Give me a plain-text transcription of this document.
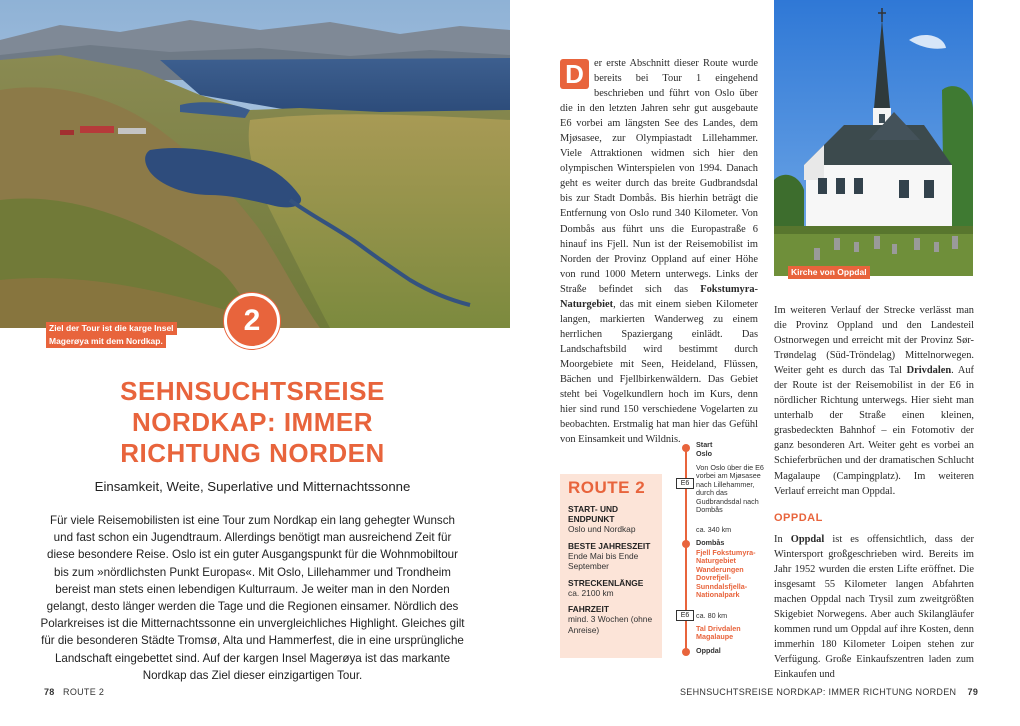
Ziel der Tour ist die karge Insel
Magerøya mit dem Nordkap.
2
SEHNSUCHTSREISE
NORDKAP: IMMER
RICHTUNG NORDEN
Einsamkeit, Weite, Superlative und Mitternachtssonne
Für viele Reisemobilisten ist eine Tour zum Nordkap ein lang gehegter Wunsch und fast schon ein Jugendtraum. Allerdings benötigt man ausreichend Zeit für diese besondere Reise. Oslo ist ein guter Ausgangspunkt für die Wohnmobiltour bis zum »nördlichsten Punkt Europas«. Mit Oslo, Lillehammer und Trondheim bereist man stets einen lebendigen Kulturraum. Je weiter man in den Norden gelangt, desto länger werden die Tage und die Regionen einsamer. Nördlich des Polarkreises ist die Mitternachtssonne ein unvergleichliches Highlight. Gleiches gilt für die besonderen Städte Tromsø, Alta und Hammerfest, die in eine ursprüngliche Landschaft eingebettet sind. Auf der kargen Insel Magerøya ist das markante Nordkap das Ziel dieser einzigartigen Tour.
78 ROUTE 2
D er erste Abschnitt dieser Route wurde bereits bei Tour 1 eingehend beschrieben und führt von Oslo über die in den letzten Jahren sehr gut ausgebaute E6 vorbei am längsten See des Landes, dem Mjøsasee, zur Olympiastadt Lillehammer. Viele Attraktionen widmen sich hier den olympischen Winterspielen von 1994. Danach geht es weiter durch das breite Gudbrandsdal bis zur Stadt Dombås. Bis hierhin beträgt die Entfernung von Oslo rund 340 Kilometer. Von Dombås aus führt uns die Europastraße 6 hinauf ins Fjell. Nun ist der Reisemobilist im Norden der Provinz Oppland auf einer Höhe von rund 1000 Metern unterwegs. Links der Straße befindet sich das Fokstumyra-Naturgebiet, das mit einem sieben Kilometer langen, markierten Wanderweg zu einem herrlichen Spaziergang einlädt. Das Landschaftsbild wird bestimmt durch Moorgebiete mit Seen, Heideland, Flüssen, Bächen und Fjellbirkenwäldern. Das Gebiet steht bei Vogelkundlern hoch im Kurs, denn hier sind rund 150 verschiedene Vogelarten zu beobachten. Erstmalig hat man hier das Gefühl von Einsamkeit und Wildnis.
ROUTE 2
START- UND ENDPUNKT
Oslo und Nordkap
BESTE JAHRESZEIT
Ende Mai bis Ende September
STRECKENLÄNGE
ca. 2100 km
FAHRZEIT
mind. 3 Wochen (ohne Anreise)
Start
Oslo
Von Oslo über die E6 vorbei am Mjøsasee nach Lillehammer, durch das Gudbrandsdal nach Dombås
E6
ca. 340 km
Dombås
Fjell Fokstumyra-Naturgebiet Wanderungen Dovrefjell-Sunndalsfjella-Nationalpark
E6 ca. 80 km
Tal Drivdalen Magalaupe
Oppdal
Kirche von Oppdal

Im weiteren Verlauf der Strecke verlässt man die Provinz Oppland und den Landesteil Ostnorwegen und erreicht mit der Provinz Sør-Trøndelag (Süd-Tröndelag) Mittelnorwegen. Weiter geht es durch das Tal Drivdalen. Auf der Route ist der Reisemobilist in der E6 in nördlicher Richtung unterwegs. Hier sieht man unterhalb der Straße einen kleinen, grasbedeckten Bahnhof – ein Fotomotiv der ganz besonderen Art. Weiter geht es vorbei an Schieferbrüchen und der dramatischen Schlucht Magalaupe (Campingplatz). Im weiteren Verlauf erreicht man Oppdal.

OPPDAL

In Oppdal ist es offensichtlich, dass der Wintersport großgeschrieben wird. Bereits im Jahr 1952 wurden die ersten Lifte eröffnet. Die insgesamt 55 Kilometer langen Abfahrten machen Oppdal nach Trysil zum zweitgrößten Skigebiet Norwegens. Aber auch Skilangläufer kommen rund um Oppdal auf ihre Kosten, denn immerhin 180 Kilometer Loipen stehen zur Verfügung. Große Einkaufszentren laden zum Einkaufen und

SEHNSUCHTSREISE NORDKAP: IMMER RICHTUNG NORDEN 79
